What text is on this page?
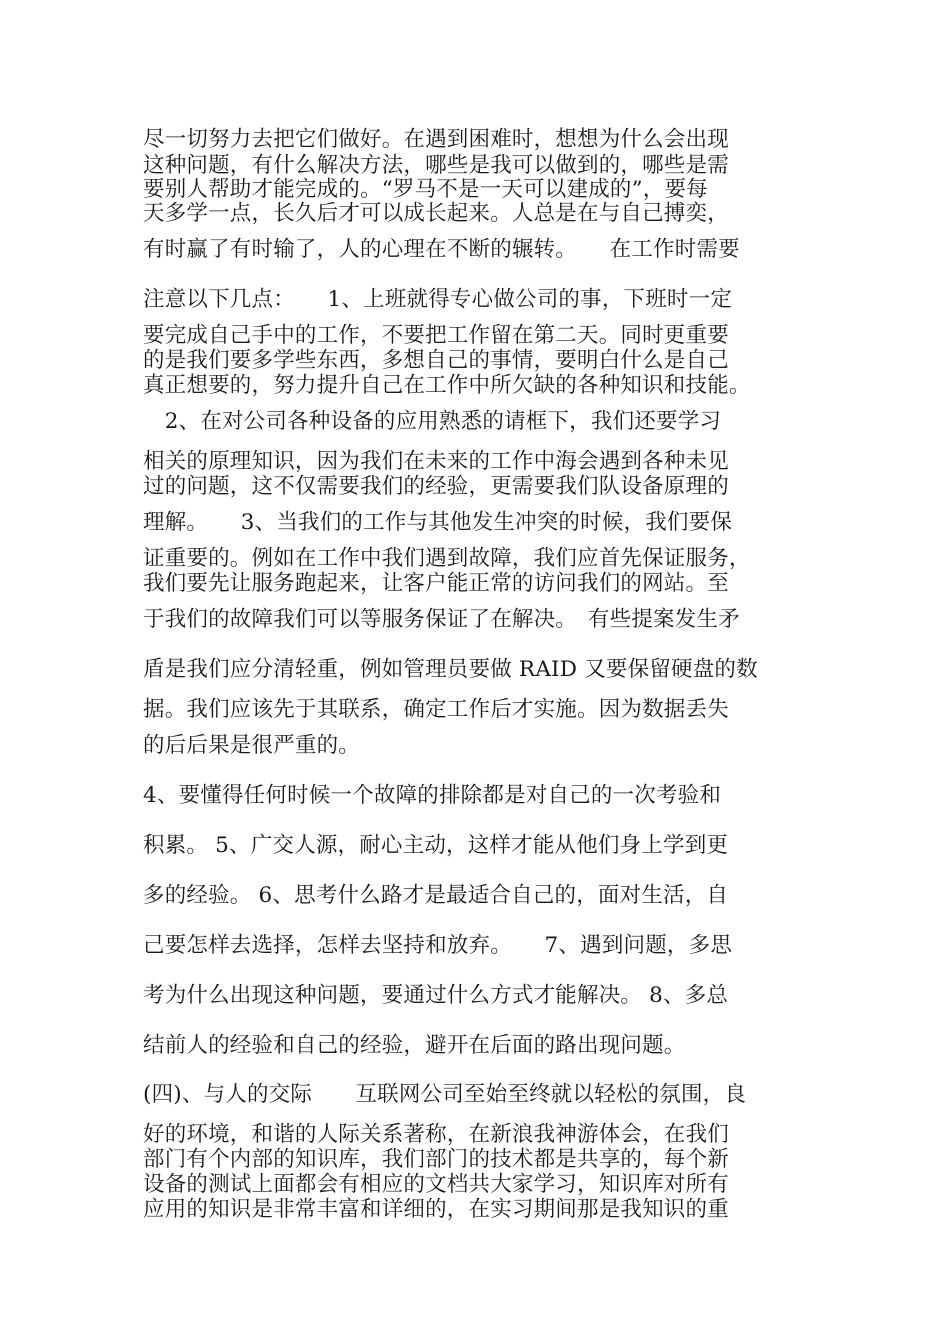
尽一切努力去把它们做好。在遇到困难时，想想为什么会出现
这种问题，有什么解决方法，哪些是我可以做到的，哪些是需
要别人帮助才能完成的。“罗马不是一天可以建成的”，要每
天多学一点，长久后才可以成长起来。人总是在与自己搏奕，
有时赢了有时输了，人的心理在不断的辗转。　　在工作时需要
注意以下几点：　　1、上班就得专心做公司的事，下班时一定
要完成自己手中的工作，不要把工作留在第二天。同时更重要
的是我们要多学些东西，多想自己的事情，要明白什么是自己
真正想要的，努力提升自己在工作中所欠缺的各种知识和技能。
　2、在对公司各种设备的应用熟悉的请框下，我们还要学习
相关的原理知识，因为我们在未来的工作中海会遇到各种未见
过的问题，这不仅需要我们的经验，更需要我们队设备原理的
理解。　　3、当我们的工作与其他发生冲突的时候，我们要保
证重要的。例如在工作中我们遇到故障，我们应首先保证服务，
我们要先让服务跑起来，让客户能正常的访问我们的网站。至
于我们的故障我们可以等服务保证了在解决。　有些提案发生矛
盾是我们应分清轻重，例如管理员要做 RAID 又要保留硬盘的数
据。我们应该先于其联系，确定工作后才实施。因为数据丢失
的后后果是很严重的。
4、要懂得任何时候一个故障的排除都是对自己的一次考验和
积累。 5、广交人源，耐心主动，这样才能从他们身上学到更
多的经验。 6、思考什么路才是最适合自己的，面对生活，自
己要怎样去选择，怎样去坚持和放弃。　　7、遇到问题，多思
考为什么出现这种问题，要通过什么方式才能解决。 8、多总
结前人的经验和自己的经验，避开在后面的路出现问题。
(四)、与人的交际　　互联网公司至始至终就以轻松的氛围，良
好的环境，和谐的人际关系著称，在新浪我神游体会，在我们
部门有个内部的知识库，我们部门的技术都是共享的，每个新
设备的测试上面都会有相应的文档共大家学习，知识库对所有
应用的知识是非常丰富和详细的，在实习期间那是我知识的重
